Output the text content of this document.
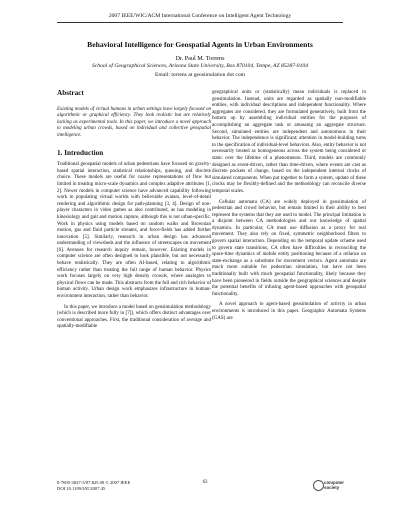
2007 IEEE/WIC/ACM International Conference on Intelligent Agent Technology
Behavioral Intelligence for Geospatial Agents in Urban Environments
Dr. Paul M. Torrens
School of Geographical Sciences, Arizona State University, Box 870104, Tempe, AZ 85287-0104
Email: torrens at geosimulation dot com
Abstract

Existing models of virtual humans in urban settings have largely focused on algorithmic or graphical efficiency. They look realistic but are relatively lacking as experimental tools. In this paper, we introduce a novel approach to modeling urban crowds, based on individual and collective geospatial intelligence.

1. Introduction

Traditional geospatial models of urban pedestrians have focused on gravity-based spatial interaction, statistical relationships, queuing, and discrete choice. These models are useful for coarse representations of flow but limited in treating micro-scale dynamics and complex adaptive attributes [1, 2]. Newer models in computer science have advanced capability following work in populating virtual worlds with believable avatars, level-of-detail rendering and algorithmic design for path-planning [3, 4]. Design of non-player characters in video games as also contributed, as has modeling in kinesiology and gait and motion capture, although this is not urban-specific. Work in physics using models based on random walks and Brownian motion, gas and fluid particle streams, and force-fields has added further innovation [5]. Similarly, research in urban design has advanced understanding of viewsheds and the influence of streetscapes on movement [6]. Avenues for research inquiry remain, however. Existing models in computer science are often designed to look plausible, but not necessarily behave realistically. They are often AI-based, relating to algorithmic efficiency rather than treating the full range of human behavior. Physics work focuses largely on very high density crowds, where analogies to physical flows can be made. This abstracts from the full and rich behavior of human activity. Urban design work emphasizes infrastructure in human-environment interaction, rather than behavior.

In this paper, we introduce a model based on geosimulation methodology (which is described more fully in [7]), which offers distinct advantages over conventional approaches. First, the traditional consideration of average and spatially-modifiable

geographical units or (statistically) mean individuals is replaced in geosimulation. Instead, units are regarded as spatially non-modifiable entities, with individual descriptions and independent functionality. Where aggregates are considered, they are formulated generatively, built from the bottom up by assembling individual entities for the purposes of accomplishing an aggregate task or amassing an aggregate structure. Second, simulated entities are independent and autonomous in their behavior. The independence is significant; attention in model-building turns to the specification of individual-level behaviors. Also, entity behavior is not necessarily treated as homogeneous across the system being considered or static over the lifetime of a phenomenon. Third, models are commonly designed as event-driven, rather than time-driven, where events are cast as discrete pockets of change, based on the independent internal clocks of simulated components. When put together to form a system, update of these clocks may be flexibly-defined and the methodology can reconcile diverse temporal scales.

Cellular automata (CA) are widely deployed in geosimulation of pedestrian and crowd behavior, but remain limited in their ability to best represent the systems that they are used to model. The principal limitation is a disjoint between CA methodologies and our knowledge of spatial dynamics. In particular, CA must use diffusion as a proxy for real movement. They also rely on fixed, symmetric neighborhood filters to govern spatial interaction. Depending on the temporal update scheme used to govern state transitions, CA often have difficulties in reconciling the space-time dynamics of mobile entity positioning because of a reliance on state-exchange as a substitute for movement vectors. Agent automata are much more suitable for pedestrian simulation, but have not been traditionally built with much geospatial functionality, likely because they have been pioneered in fields outside the geographical sciences and despite the potential benefits of infusing agent-based approaches with geospatial functionality.

A novel approach to agent-based geosimulation of activity in urban environments is introduced in this paper. Geographic Automata Systems (GAS) are

0-7695-3027-3/07 $25.00 © 2007 IEEE
DOI 10.1109/IAT.2007.45
63	computer
society
